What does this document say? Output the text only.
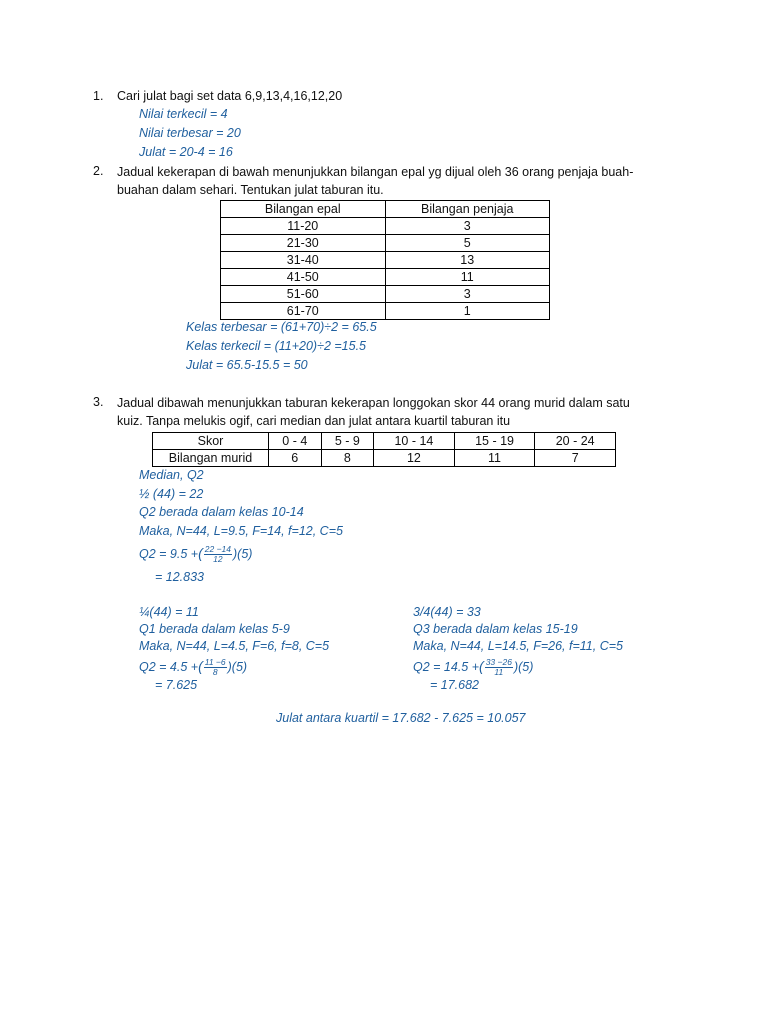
1.	Cari julat bagi set data 6,9,13,4,16,12,20
Nilai terkecil = 4
Nilai terbesar = 20
Julat = 20-4 = 16
2.	Jadual kekerapan di bawah menunjukkan bilangan epal yg dijual oleh 36 orang penjaja buah-buahan dalam sehari. Tentukan julat taburan itu.
Bilangan epal	Bilangan penjaja
11-20	3
21-30	5
31-40	13
41-50	11
51-60	3
61-70	1
Kelas terbesar = (61+70)÷2 = 65.5
Kelas terkecil = (11+20)÷2 =15.5
Julat = 65.5-15.5 = 50
3.	Jadual dibawah menunjukkan taburan kekerapan longgokan skor 44 orang murid dalam satu kuiz. Tanpa melukis ogif, cari median dan julat antara kuartil taburan itu
Skor	0 - 4	5 - 9	10 - 14	15 - 19	20 - 24
Bilangan murid	6	8	12	11	7
Median, Q2
½ (44) = 22
Q2 berada dalam kelas 10-14
Maka, N=44, L=9.5, F=14, f=12, C=5
Q2 = 9.5 +( $\frac{22 -14}{12} )(5)$
= 12.833
¼(44) = 11
Q1 berada dalam kelas 5-9
Maka, N=44, L=4.5, F=6, f=8, C=5
Q2 = 4.5 +( $\frac{11 -6}{8} )(5)$
= 7.625
3/4(44) = 33
Q3 berada dalam kelas 15-19
Maka, N=44, L=14.5, F=26, f=11, C=5
Q2 = 14.5 +( $\frac{33 -26}{11} )(5)$
= 17.682
Julat antara kuartil = 17.682 - 7.625 = 10.057
